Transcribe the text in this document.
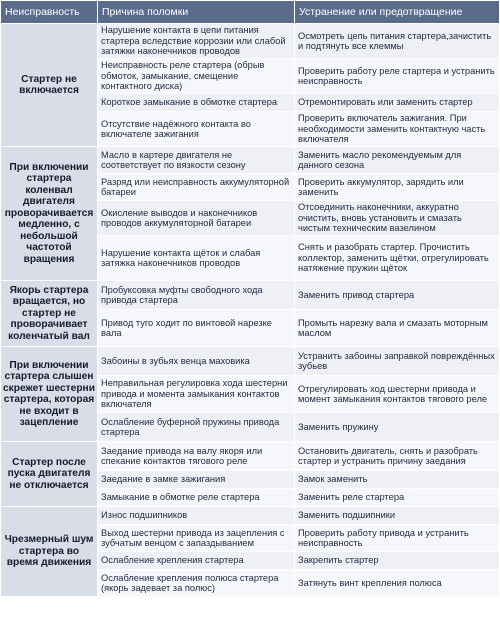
Неисправность	Причина поломки	Устранение или предотвращение
Стартер не включается	Нарушение контакта в цепи питания стартера вследствие коррозии или слабой затяжки наконечников проводов	Осмотреть цепь питания стартера,зачистить и подтянуть все клеммы
	Неисправность реле стартера (обрыв обмоток, замыкание, смещение контактного диска)	Проверить работу реле стартера и устранить неисправность
	Короткое замыкание в обмотке стартера	Отремонтировать или заменить стартер
	Отсутствие надёжного контакта во включателе зажигания	Проверить включатель зажигания. При необходимости заменить контактную часть включателя
При включении стартера коленвал двигателя проворачивается медленно, с небольшой частотой вращения	Масло в картере двигателя не соответствует по вязкости сезону	Заменить масло рекомендуемым для данного сезона
	Разряд или неисправность аккумуляторной батареи	Проверить аккумулятор, зарядить или заменить
	Окисление выводов и наконечников проводов аккумуляторной батареи	Отсоединить наконечники, аккуратно очистить, вновь установить и смазать чистым техническим вазелином
	Нарушение контакта щёток и слабая затяжка наконечников проводов	Снять и разобрать стартер. Прочистить коллектор, заменить щётки, отрегулировать натяжение пружин щёток
Якорь стартера вращается, но стартер не проворачивает коленчатый вал	Пробуксовка муфты свободного хода привода стартера	Заменить привод стартера
	Привод туго ходит по винтовой нарезке вала	Промыть нарезку вала и смазать моторным маслом
При включении стартера слышен скрежет шестерни стартера, которая не входит в зацепление	Забоины в зубьях венца маховика	Устранить забоины заправкой повреждённых зубьев
	Неправильная регулировка хода шестерни привода и момента замыкания контактов включателя	Отрегулировать ход шестерни привода и момент замыкания контактов тягового реле
	Ослабление буферной пружины привода стартера	Заменить пружину
Стартер после пуска двигателя не отключается	Заедание привода на валу якоря или спекание контактов тягового реле	Остановить двигатель, снять и разобрать стартер и устранить причину заедания
	Заедание в замке зажигания	Замок заменить
	Замыкание в обмотке реле стартера	Заменить реле стартера
Чрезмерный шум стартера во время движения	Износ подшипников	Заменить подшипники
	Выход шестерни привода из зацепления с зубчатым венцом с запаздыванием	Проверить работу привода и устранить неисправность
	Ослабление крепления стартера	Закрепить стартер
	Ослабление крепления полюса стартера (якорь задевает за полюс)	Затянуть винт крепления полюса
